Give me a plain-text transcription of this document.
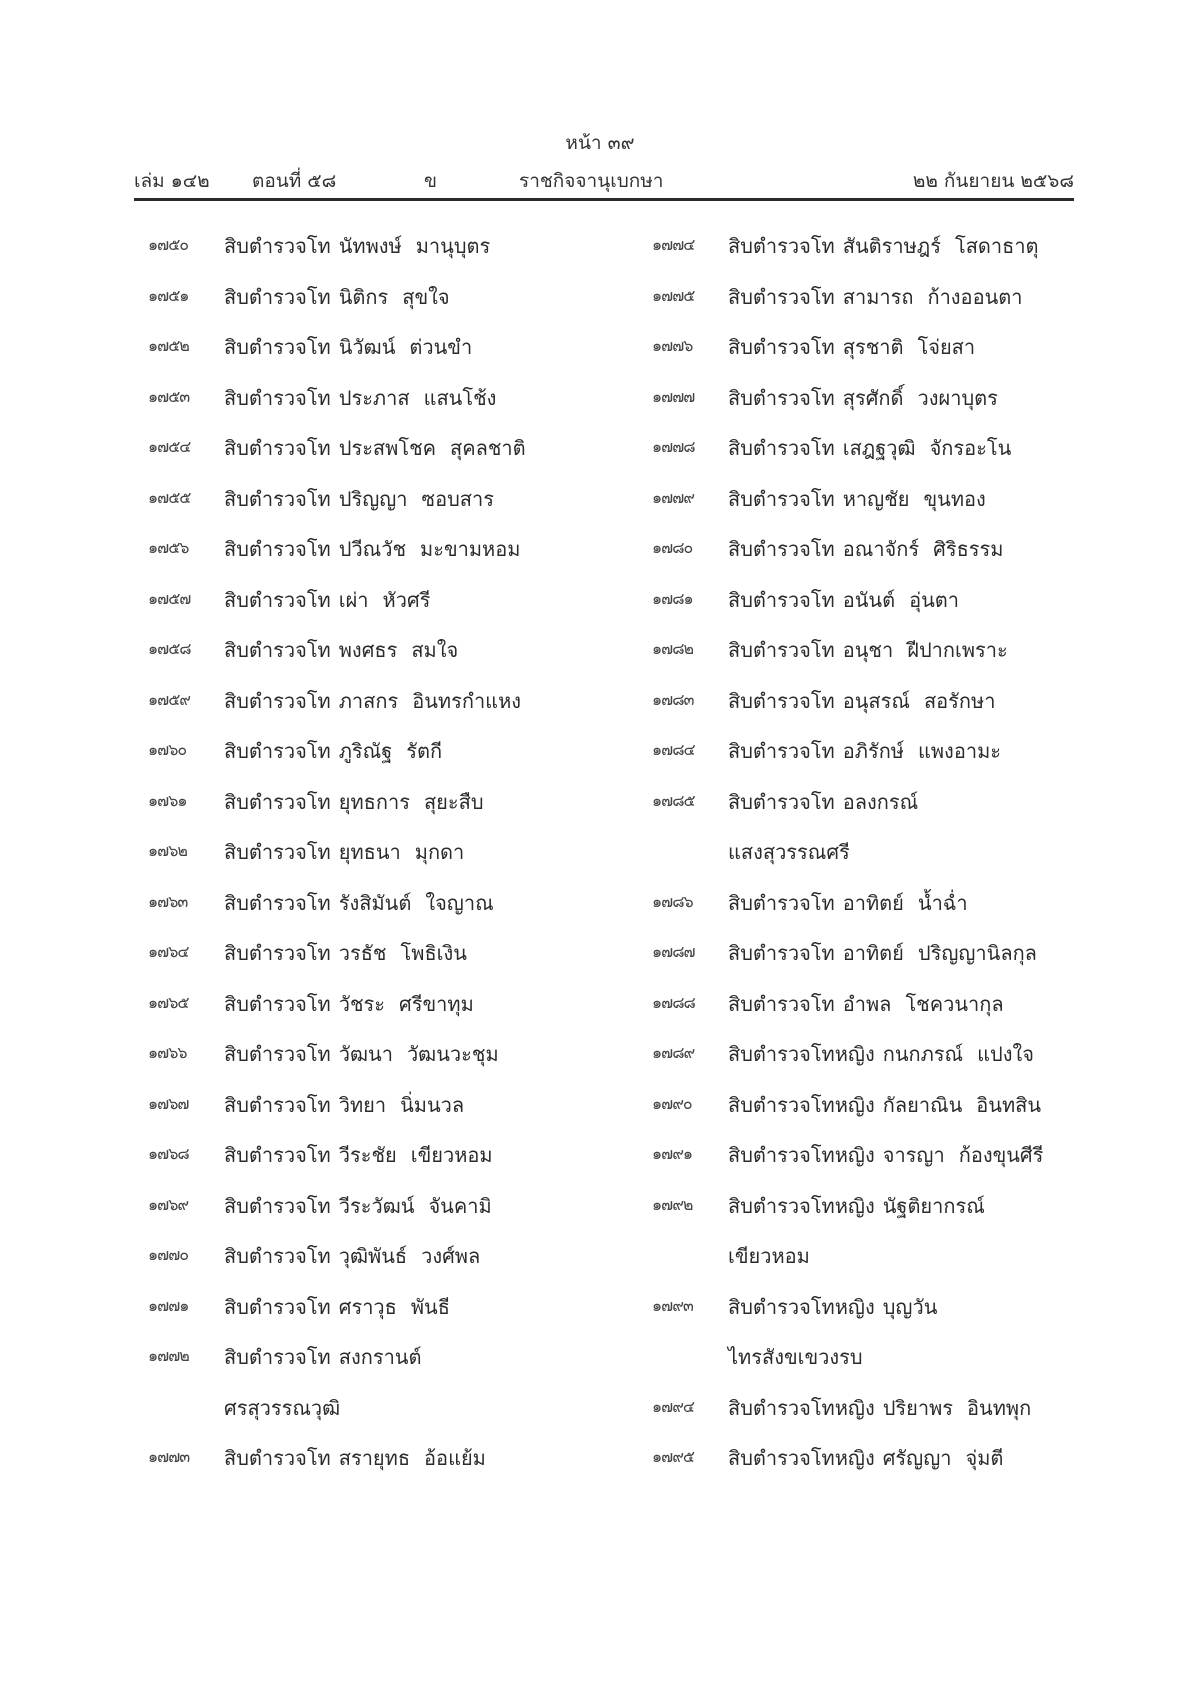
หน้า ๓๙
เล่ม ๑๔๒ ตอนที่ ๕๘	ข	ราชกิจจานุเบกษา	๒๒ กันยายน ๒๕๖๘
๑๗๕๐	สิบตำรวจโท นัทพงษ์ มานุบุตร
๑๗๕๑	สิบตำรวจโท นิติกร สุขใจ
๑๗๕๒	สิบตำรวจโท นิวัฒน์ ต่วนขำ
๑๗๕๓	สิบตำรวจโท ประภาส แสนโช้ง
๑๗๕๔	สิบตำรวจโท ประสพโชค สุคลชาติ
๑๗๕๕	สิบตำรวจโท ปริญญา ซอบสาร
๑๗๕๖	สิบตำรวจโท ปวีณวัช มะขามหอม
๑๗๕๗	สิบตำรวจโท เผ่า หัวศรี
๑๗๕๘	สิบตำรวจโท พงศธร สมใจ
๑๗๕๙	สิบตำรวจโท ภาสกร อินทรกำแหง
๑๗๖๐	สิบตำรวจโท ภูริณัฐ รัตกี
๑๗๖๑	สิบตำรวจโท ยุทธการ สุยะสืบ
๑๗๖๒	สิบตำรวจโท ยุทธนา มุกดา
๑๗๖๓	สิบตำรวจโท รังสิมันต์ ใจญาณ
๑๗๖๔	สิบตำรวจโท วรธัช โพธิเงิน
๑๗๖๕	สิบตำรวจโท วัชระ ศรีขาทุม
๑๗๖๖	สิบตำรวจโท วัฒนา วัฒนวะชุม
๑๗๖๗	สิบตำรวจโท วิทยา นิ่มนวล
๑๗๖๘	สิบตำรวจโท วีระชัย เขียวหอม
๑๗๖๙	สิบตำรวจโท วีระวัฒน์ จันคามิ
๑๗๗๐	สิบตำรวจโท วุฒิพันธ์ วงศ์พล
๑๗๗๑	สิบตำรวจโท ศราวุธ พันธี
๑๗๗๒	สิบตำรวจโท สงกรานต์
ศรสุวรรณวุฒิ
๑๗๗๓	สิบตำรวจโท สรายุทธ อ้อแย้ม
๑๗๗๔	สิบตำรวจโท สันติราษฎร์ โสดาธาตุ
๑๗๗๕	สิบตำรวจโท สามารถ ก้างออนตา
๑๗๗๖	สิบตำรวจโท สุรชาติ โจ่ยสา
๑๗๗๗	สิบตำรวจโท สุรศักดิ์ วงผาบุตร
๑๗๗๘	สิบตำรวจโท เสฎฐวุฒิ จักรอะโน
๑๗๗๙	สิบตำรวจโท หาญชัย ขุนทอง
๑๗๘๐	สิบตำรวจโท อณาจักร์ ศิริธรรม
๑๗๘๑	สิบตำรวจโท อนันต์ อุ่นตา
๑๗๘๒	สิบตำรวจโท อนุชา ฝีปากเพราะ
๑๗๘๓	สิบตำรวจโท อนุสรณ์ สอรักษา
๑๗๘๔	สิบตำรวจโท อภิรักษ์ แพงอามะ
๑๗๘๕	สิบตำรวจโท อลงกรณ์
แสงสุวรรณศรี
๑๗๘๖	สิบตำรวจโท อาทิตย์ น้ำฉ่ำ
๑๗๘๗	สิบตำรวจโท อาทิตย์ ปริญญานิลกุล
๑๗๘๘	สิบตำรวจโท อำพล โชควนากุล
๑๗๘๙	สิบตำรวจโทหญิง กนกภรณ์ แปงใจ
๑๗๙๐	สิบตำรวจโทหญิง กัลยาณิน อินทสิน
๑๗๙๑	สิบตำรวจโทหญิง จารญา ก้องขุนศีรี
๑๗๙๒	สิบตำรวจโทหญิง นัฐติยากรณ์
เขียวหอม
๑๗๙๓	สิบตำรวจโทหญิง บุญวัน
ไทรสังขเขวงรบ
๑๗๙๔	สิบตำรวจโทหญิง ปริยาพร อินทพุก
๑๗๙๕	สิบตำรวจโทหญิง ศรัญญา จุ่มตี
